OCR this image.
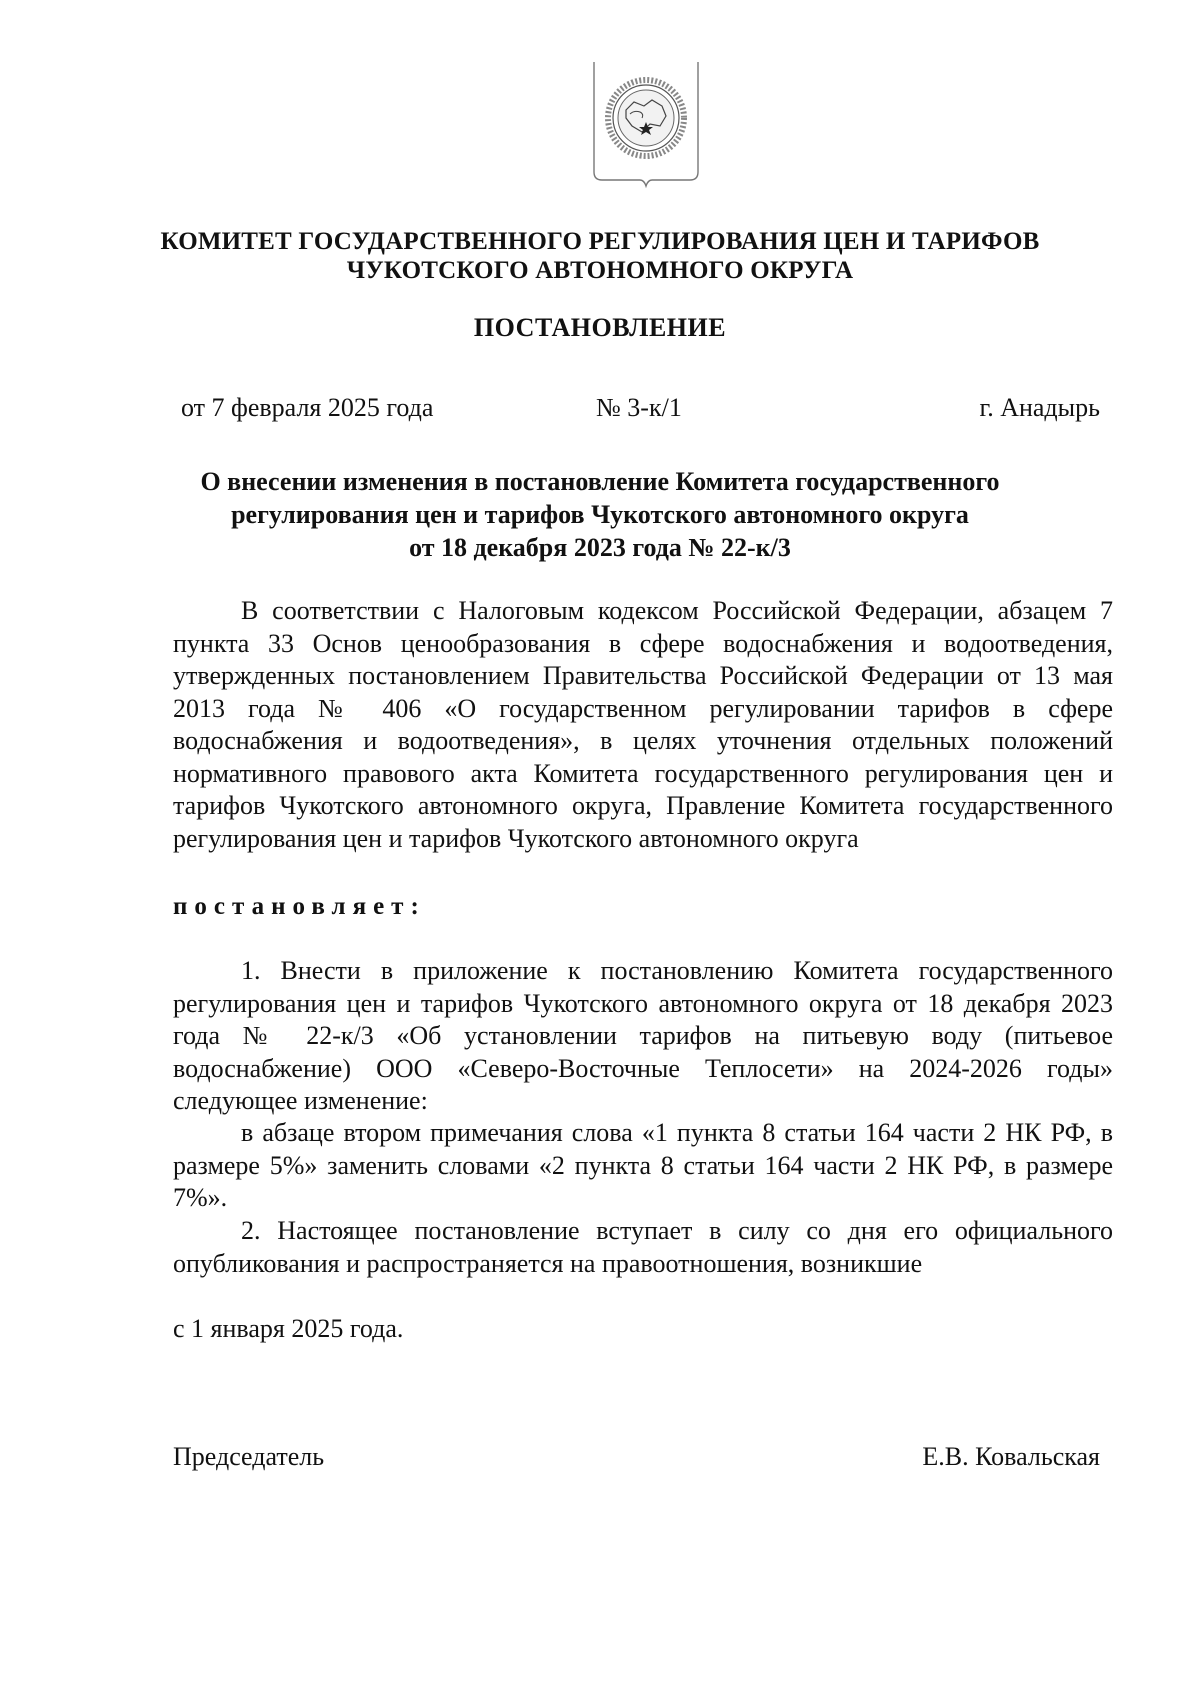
КОМИТЕТ ГОСУДАРСТВЕННОГО РЕГУЛИРОВАНИЯ ЦЕН И ТАРИФОВ
ЧУКОТСКОГО АВТОНОМНОГО ОКРУГА
ПОСТАНОВЛЕНИЕ
от 7 февраля 2025 года	№ 3-к/1	г. Анадырь
О внесении изменения в постановление Комитета государственного
регулирования цен и тарифов Чукотского автономного округа
от 18 декабря 2023 года № 22-к/3

В соответствии с Налоговым кодексом Российской Федерации, абзацем 7 пункта 33 Основ ценообразования в сфере водоснабжения и водоотведения, утвержденных постановлением Правительства Российской Федерации от 13 мая 2013 года № 406 «О государственном регулировании тарифов в сфере водоснабжения и водоотведения», в целях уточнения отдельных положений нормативного правового акта Комитета государственного регулирования цен и тарифов Чукотского автономного округа, Правление Комитета государственного регулирования цен и тарифов Чукотского автономного округа

постановляет:

1. Внести в приложение к постановлению Комитета государственного регулирования цен и тарифов Чукотского автономного округа от 18 декабря 2023 года № 22-к/3 «Об установлении тарифов на питьевую воду (питьевое водоснабжение) ООО «Северо-Восточные Теплосети» на 2024-2026 годы» следующее изменение:

в абзаце втором примечания слова «1 пункта 8 статьи 164 части 2 НК РФ, в размере 5%» заменить словами «2 пункта 8 статьи 164 части 2 НК РФ, в размере 7%».

2. Настоящее постановление вступает в силу со дня его официального опубликования и распространяется на правоотношения, возникшие

с 1 января 2025 года.
Председатель	Е.В. Ковальская
